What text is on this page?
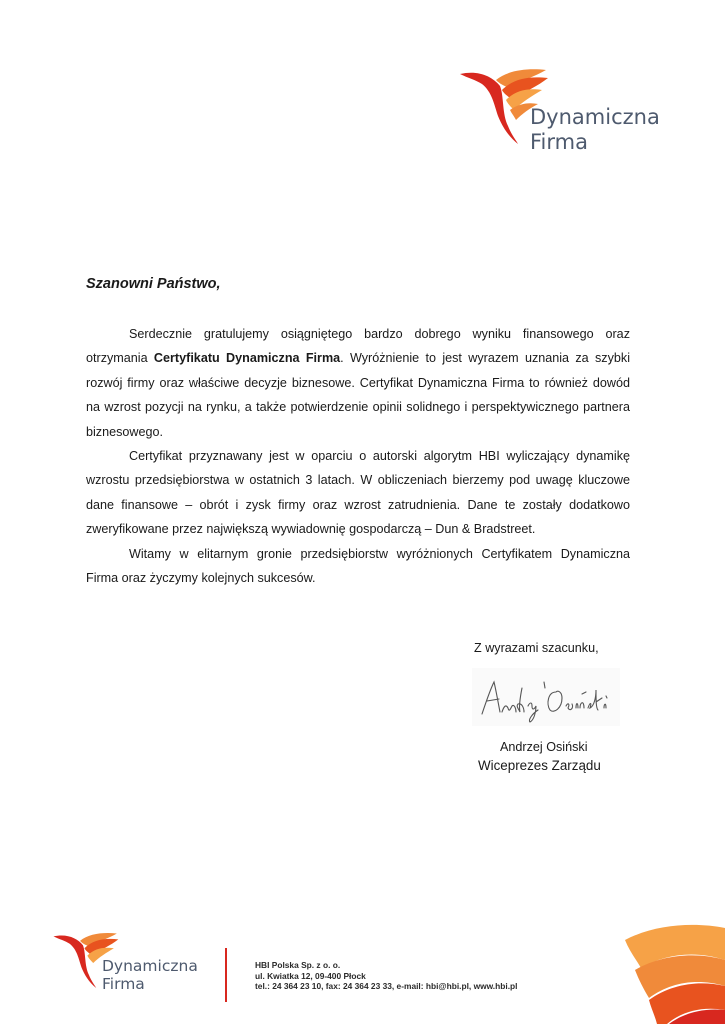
Dynamiczna
Firma
Szanowni Państwo,

Serdecznie gratulujemy osiągniętego bardzo dobrego wyniku finansowego oraz otrzymania Certyfikatu Dynamiczna Firma. Wyróżnienie to jest wyrazem uznania za szybki rozwój firmy oraz właściwe decyzje biznesowe. Certyfikat Dynamiczna Firma to również dowód na wzrost pozycji na rynku, a także potwierdzenie opinii solidnego i perspektywicznego partnera biznesowego.

Certyfikat przyznawany jest w oparciu o autorski algorytm HBI wyliczający dynamikę wzrostu przedsiębiorstwa w ostatnich 3 latach. W obliczeniach bierzemy pod uwagę kluczowe dane finansowe – obrót i zysk firmy oraz wzrost zatrudnienia. Dane te zostały dodatkowo zweryfikowane przez największą wywiadownię gospodarczą – Dun & Bradstreet.

Witamy w elitarnym gronie przedsiębiorstw wyróżnionych Certyfikatem Dynamiczna Firma oraz życzymy kolejnych sukcesów.

Z wyrazami szacunku,
Andrzej Osiński
Wiceprezes Zarządu
Dynamiczna
Firma
HBI Polska Sp. z o. o.
ul. Kwiatka 12, 09-400 Płock
tel.: 24 364 23 10, fax: 24 364 23 33, e-mail: hbi@hbi.pl, www.hbi.pl
